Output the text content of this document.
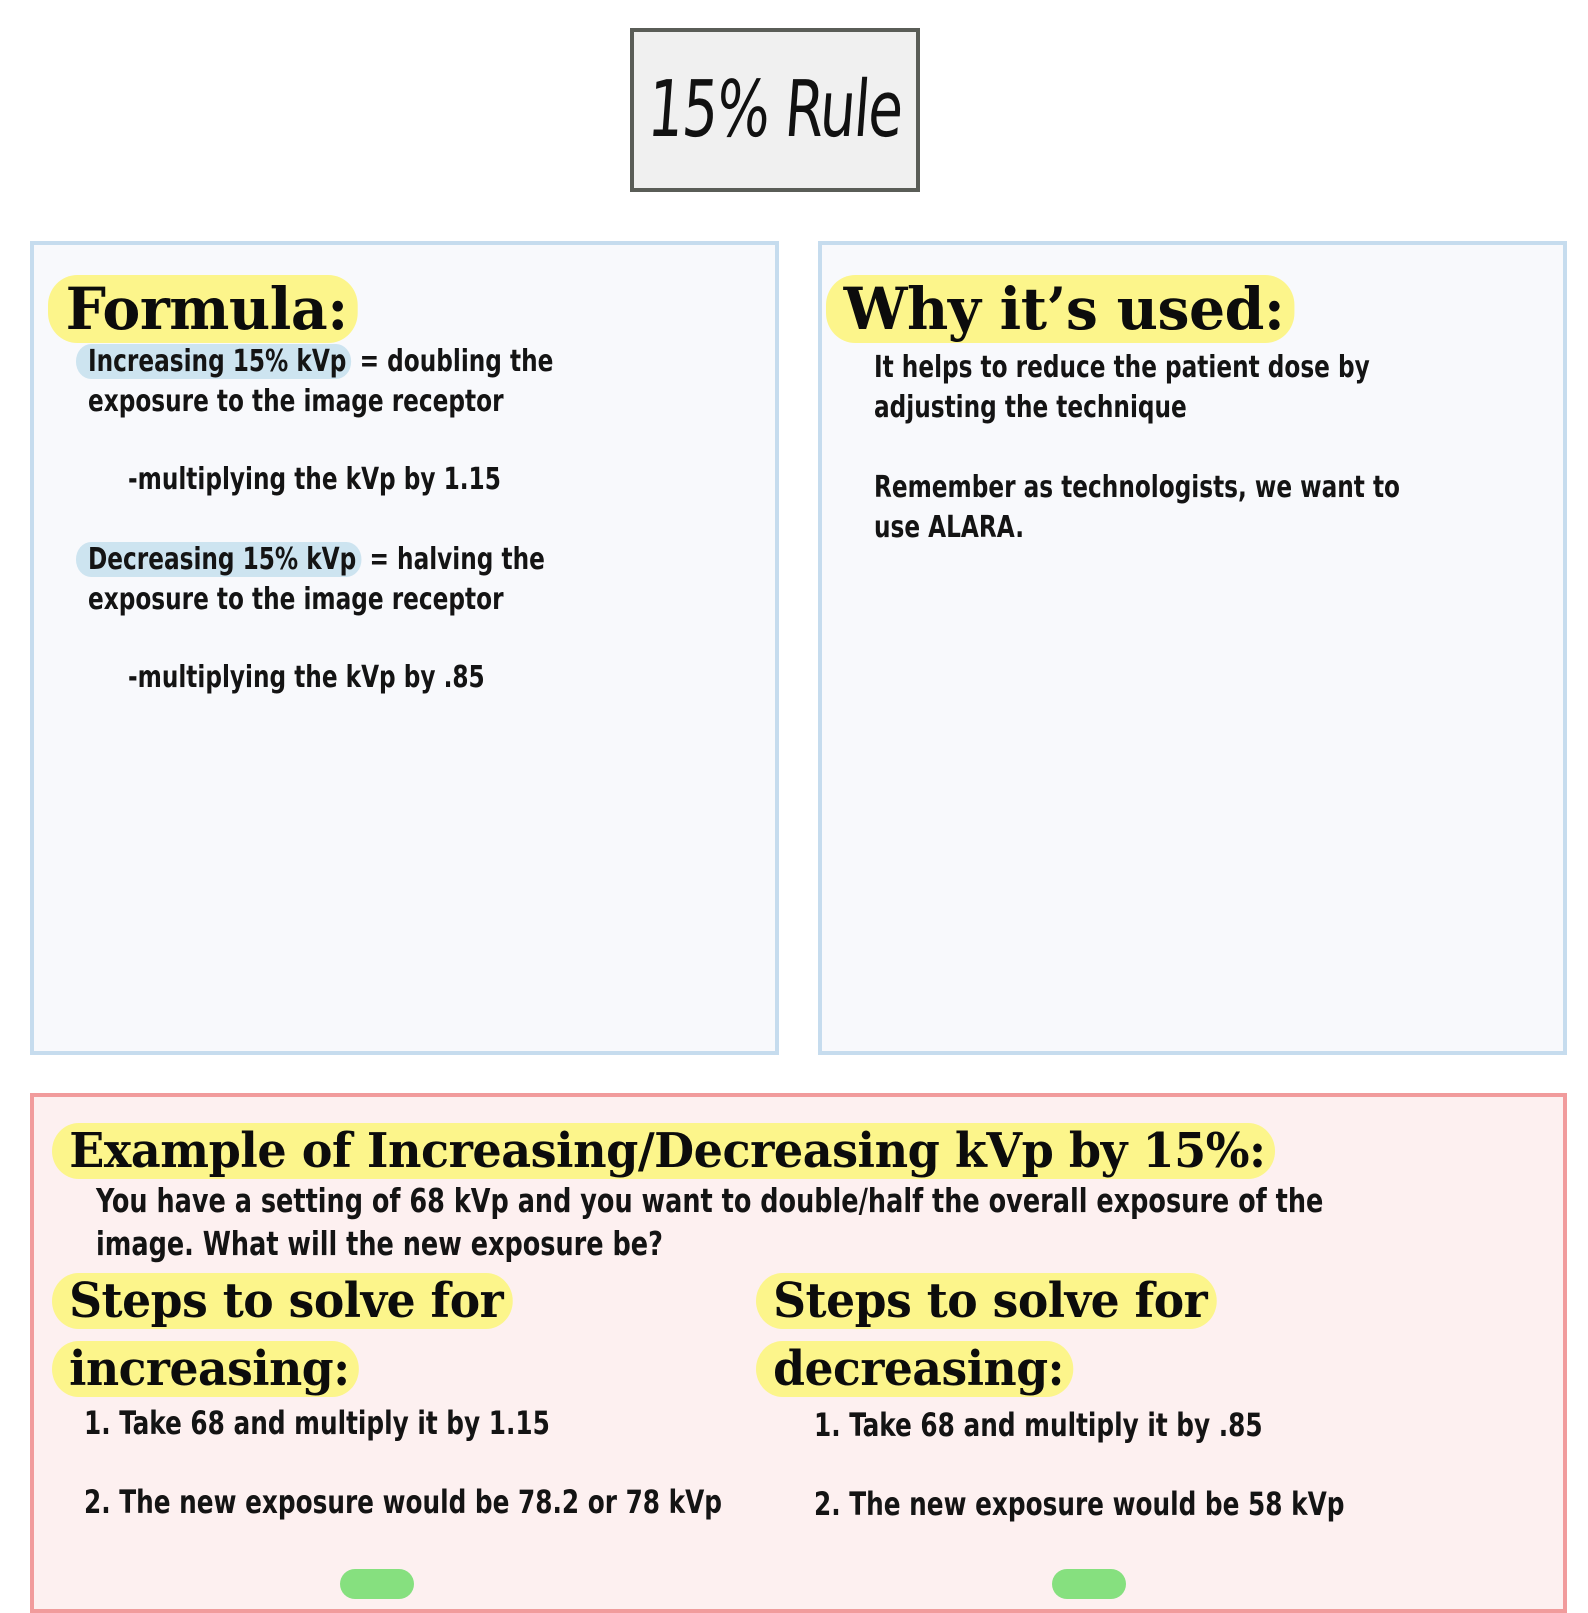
15% Rule
Formula:
Increasing 15% kVp = doubling the
exposure to the image receptor
-multiplying the kVp by 1.15
Decreasing 15% kVp = halving the
exposure to the image receptor
-multiplying the kVp by .85
Why it’s used:
It helps to reduce the patient dose by
adjusting the technique
Remember as technologists, we want to
use ALARA.
Example of Increasing/Decreasing kVp by 15%:
You have a setting of 68 kVp and you want to double/half the overall exposure of the
image. What will the new exposure be?
Steps to solve for
increasing:
1. Take 68 and multiply it by 1.15
2. The new exposure would be 78.2 or 78 kVp
Steps to solve for
decreasing:
1. Take 68 and multiply it by .85
2. The new exposure would be 58 kVp
